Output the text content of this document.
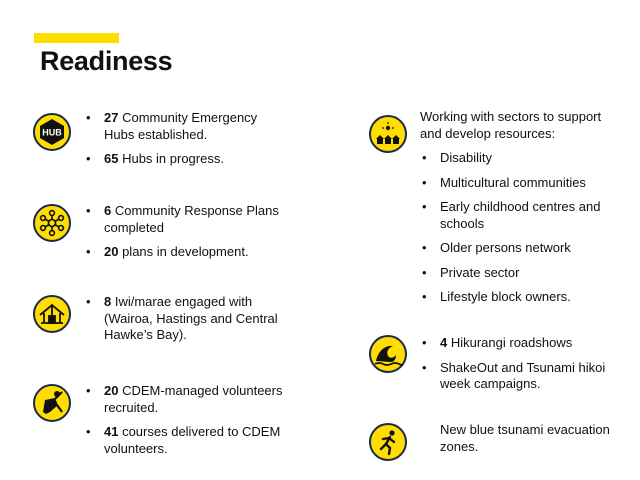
Readiness
HUB
• 27 Community Emergency Hubs established.
• 65 Hubs in progress.
• 6 Community Response Plans completed
• 20 plans in development.
• 8 Iwi/marae engaged with (Wairoa, Hastings and Central Hawke’s Bay).
• 20 CDEM-managed volunteers recruited.
• 41 courses delivered to CDEM volunteers.
Working with sectors to support and develop resources:
• Disability
• Multicultural communities
• Early childhood centres and schools
• Older persons network
• Private sector
• Lifestyle block owners.
• 4 Hikurangi roadshows
• ShakeOut and Tsunami hikoi week campaigns.
New blue tsunami evacuation zones.
